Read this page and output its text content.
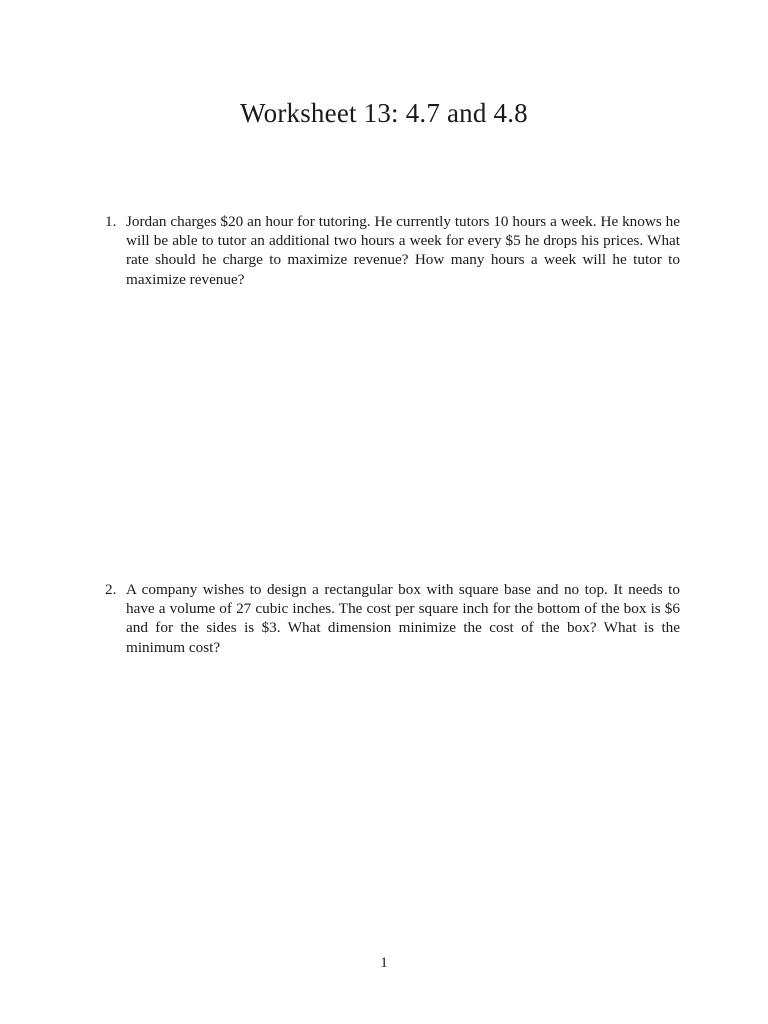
Worksheet 13: 4.7 and 4.8
1. Jordan charges $20 an hour for tutoring. He currently tutors 10 hours a week. He knows he will be able to tutor an additional two hours a week for every $5 he drops his prices. What rate should he charge to maximize revenue? How many hours a week will he tutor to maximize revenue?
2. A company wishes to design a rectangular box with square base and no top. It needs to have a volume of 27 cubic inches. The cost per square inch for the bottom of the box is $6 and for the sides is $3. What dimension minimize the cost of the box? What is the minimum cost?
1
